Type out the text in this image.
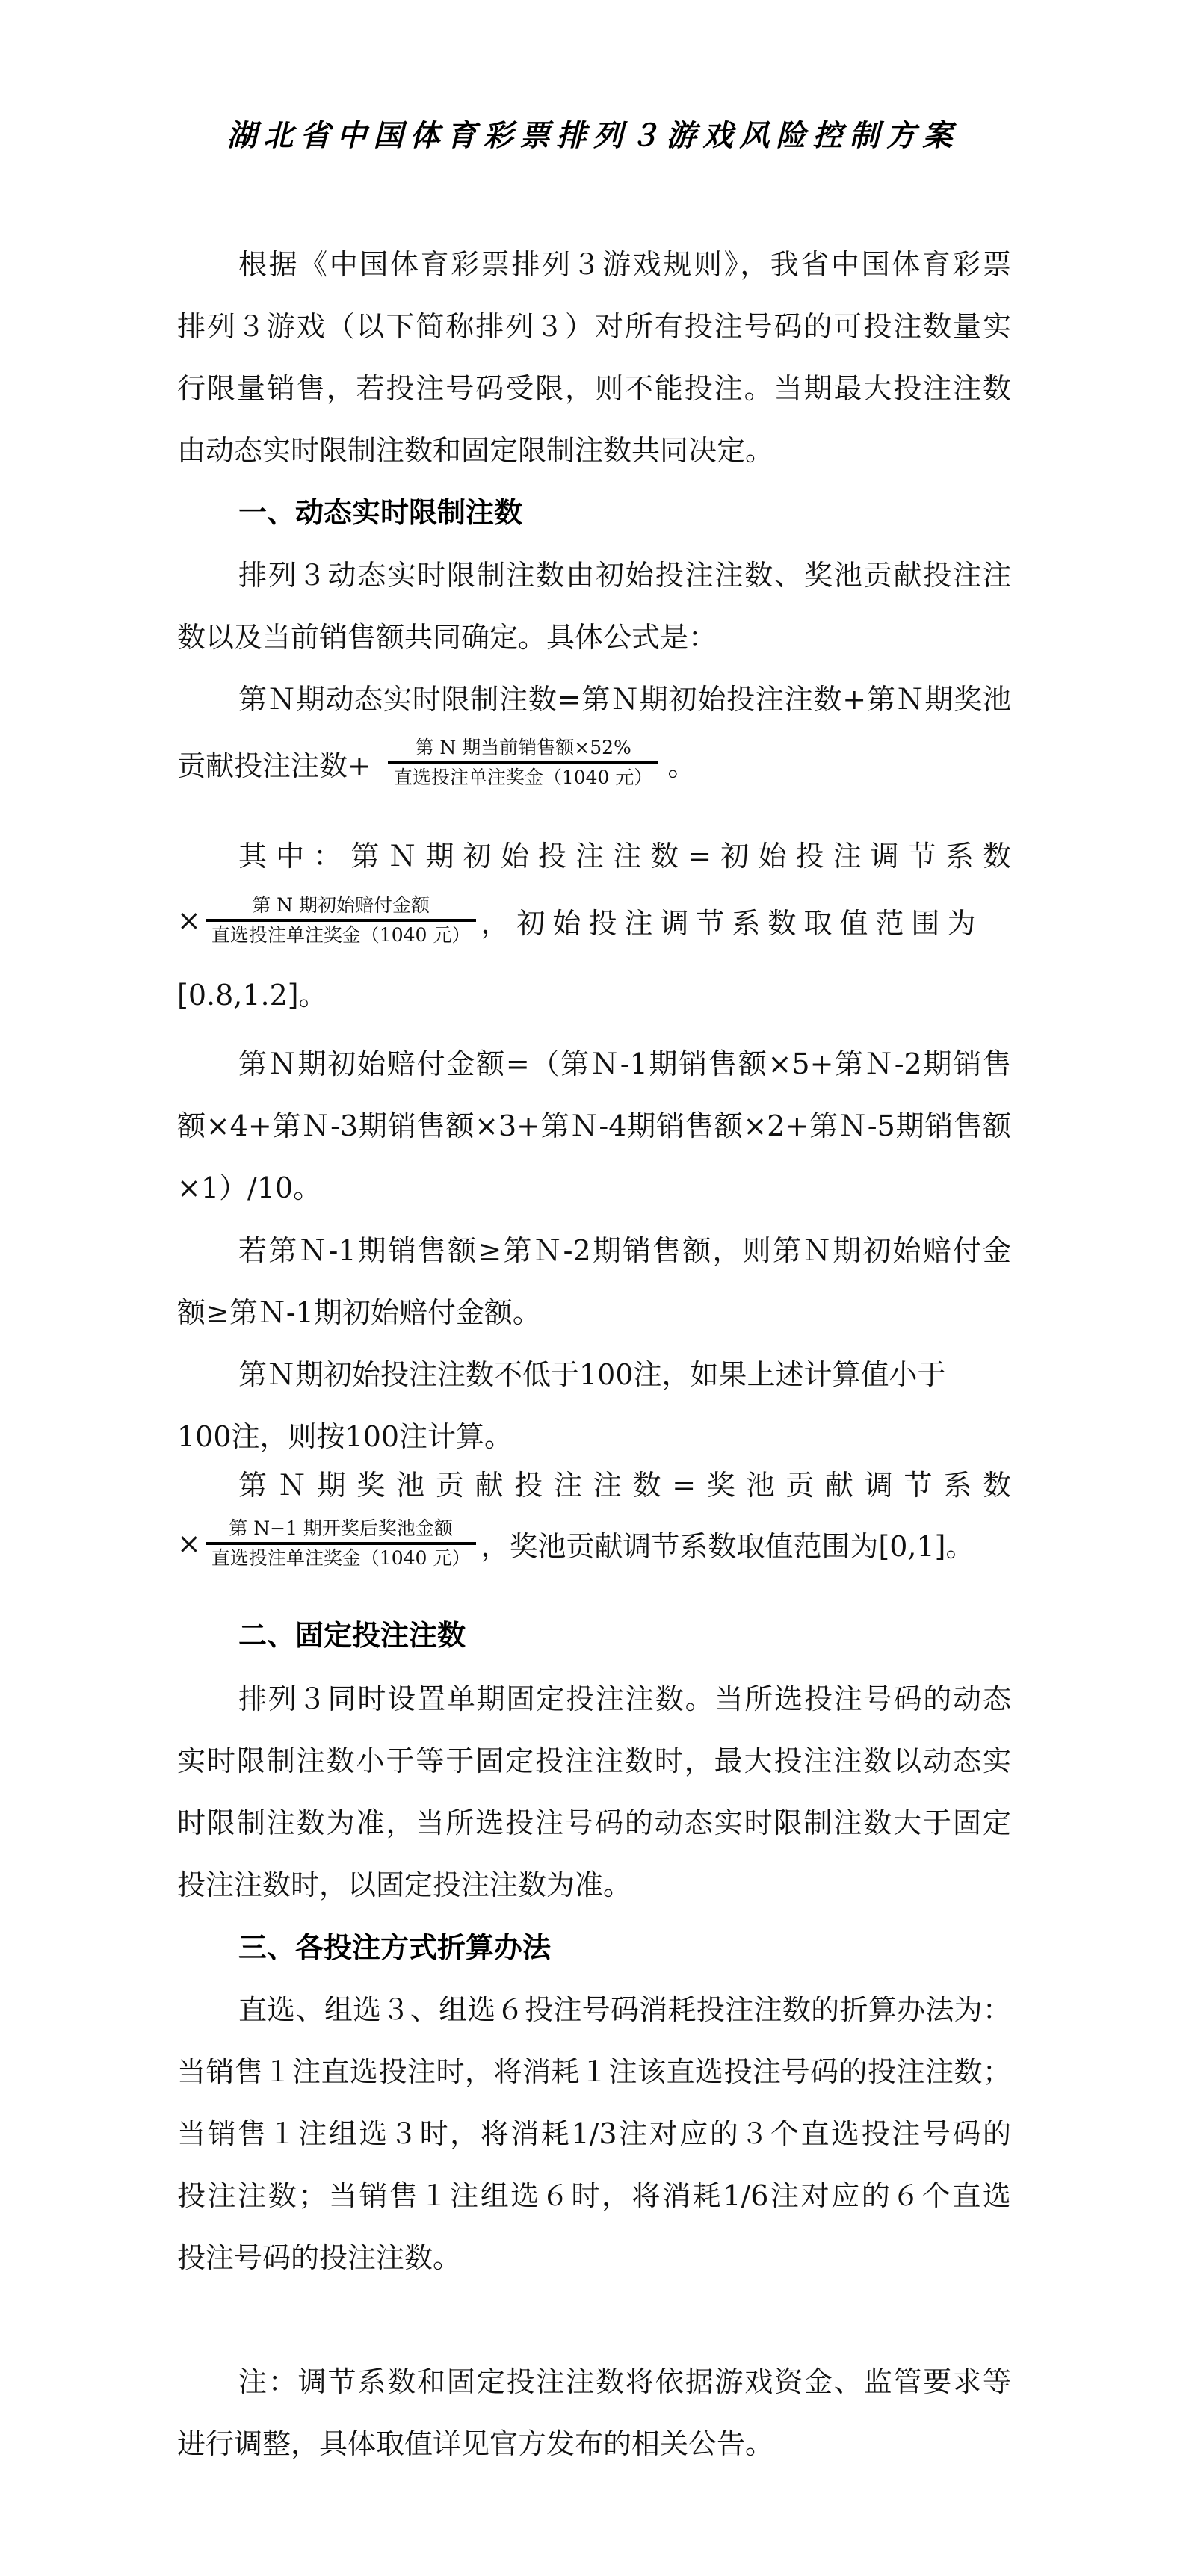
湖北省中国体育彩票排列３游戏风险控制方案
根据《中国体育彩票排列３游戏规则》，我省中国体育彩票
排列３游戏（以下简称排列３）对所有投注号码的可投注数量实
行限量销售，若投注号码受限，则不能投注。当期最大投注注数
由动态实时限制注数和固定限制注数共同决定。
一、动态实时限制注数
排列３动态实时限制注数由初始投注注数、奖池贡献投注注
数以及当前销售额共同确定。具体公式是：
第Ｎ期动态实时限制注数=第Ｎ期初始投注注数+第Ｎ期奖池
贡献投注注数+ $\frac{\text{第 N 期当前销售额×52\%}}{\text{直选投注单注奖金（1040 元）}}$ 。
其中：第Ｎ期初始投注注数=初始投注调节系数
× $\frac{\text{第 N 期初始赔付金额}}{\text{直选投注单注奖金（1040 元）}}$ ，初始投注调节系数取值范围为
[0.8,1.2]。
第Ｎ期初始赔付金额=（第Ｎ-1期销售额×5+第Ｎ-2期销售
额×4+第Ｎ-3期销售额×3+第Ｎ-4期销售额×2+第Ｎ-5期销售额
×1）/10。
若第Ｎ-1期销售额≥第Ｎ-2期销售额，则第Ｎ期初始赔付金
额≥第Ｎ-1期初始赔付金额。
第Ｎ期初始投注注数不低于100注，如果上述计算值小于
100注，则按100注计算。
第Ｎ期奖池贡献投注注数=奖池贡献调节系数
× $\frac{\text{第 N−1 期开奖后奖池金额}}{\text{直选投注单注奖金（1040 元）}}$ ，奖池贡献调节系数取值范围为[0,1]。
二、固定投注注数
排列３同时设置单期固定投注注数。当所选投注号码的动态
实时限制注数小于等于固定投注注数时，最大投注注数以动态实
时限制注数为准，当所选投注号码的动态实时限制注数大于固定
投注注数时，以固定投注注数为准。
三、各投注方式折算办法
直选、组选３、组选６投注号码消耗投注注数的折算办法为：
当销售１注直选投注时，将消耗１注该直选投注号码的投注注数；
当销售１注组选３时，将消耗1/3注对应的３个直选投注号码的
投注注数；当销售１注组选６时，将消耗1/6注对应的６个直选
投注号码的投注注数。
注：调节系数和固定投注注数将依据游戏资金、监管要求等
进行调整，具体取值详见官方发布的相关公告。
